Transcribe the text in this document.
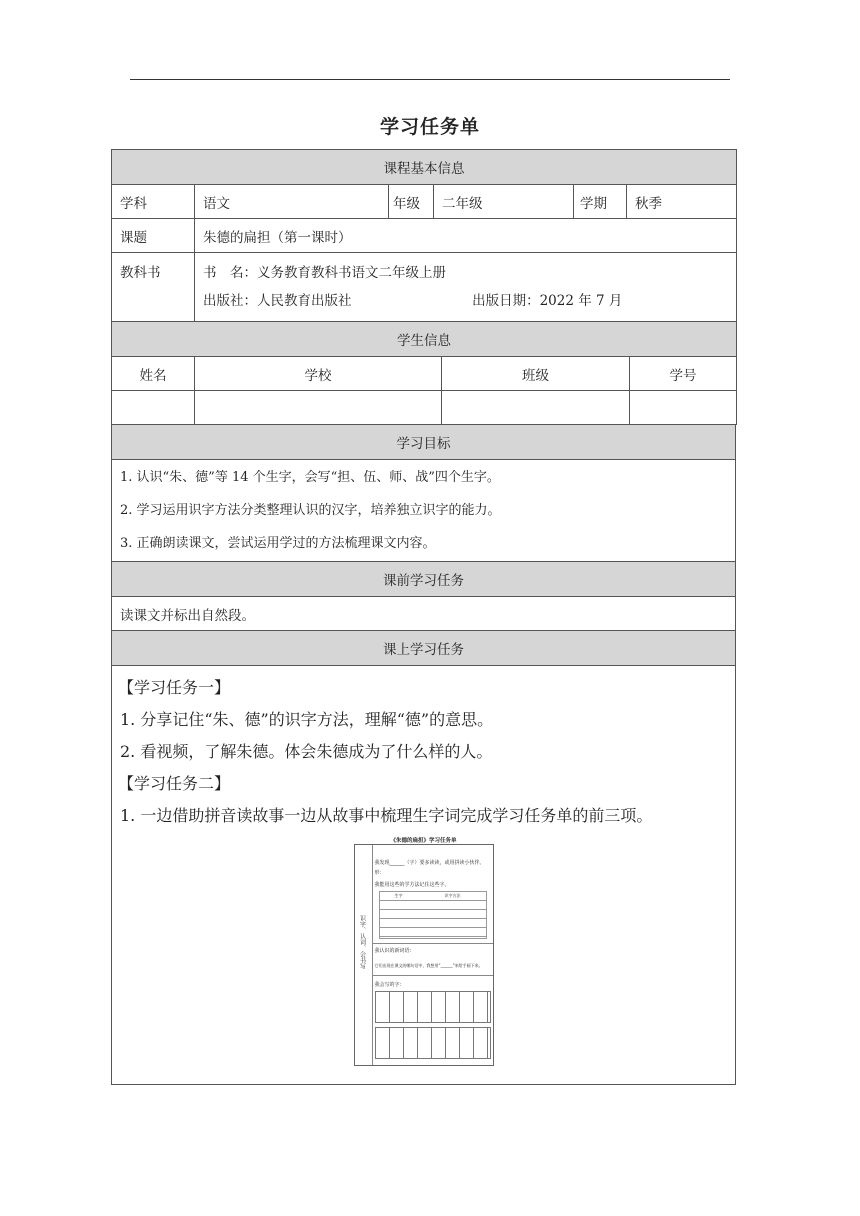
学习任务单
课程基本信息					
学科	语文	年级	二年级	学期	秋季
课题	朱德的扁担（第一课时）				
教科书	书　名：义务教育教科书语文二年级上册
出版社：人民教育出版社 出版日期：2022 年 7 月				
学生信息			
姓名	学校	班级	学号

学习目标

1. 认识“朱、德”等 14 个生字，会写“担、伍、师、战”四个生字。
2. 学习运用识字方法分类整理认识的汉字，培养独立识字的能力。
3. 正确朗读课文，尝试运用学过的方法梳理课文内容。

课前学习任务
读课文并标出自然段。
课上学习任务

【学习任务一】
1. 分享记住“朱、德”的识字方法，理解“德”的意思。
2. 看视频，了解朱德。体会朱德成为了什么样的人。
【学习任务二】
1. 一边借助拼音读故事一边从故事中梳理生字词完成学习任务单的前三项。
《朱德的扁担》学习任务单
识字、认词、会书写
我发现______（字）要多读读，或用拼读小伙伴。
形：
我能用这些的学方法记住这些字。
生字	识字方法
我认识的新词语：
它们出现在课文的哪句话中，我想用“______”来给手画下来。
我会写的字：
